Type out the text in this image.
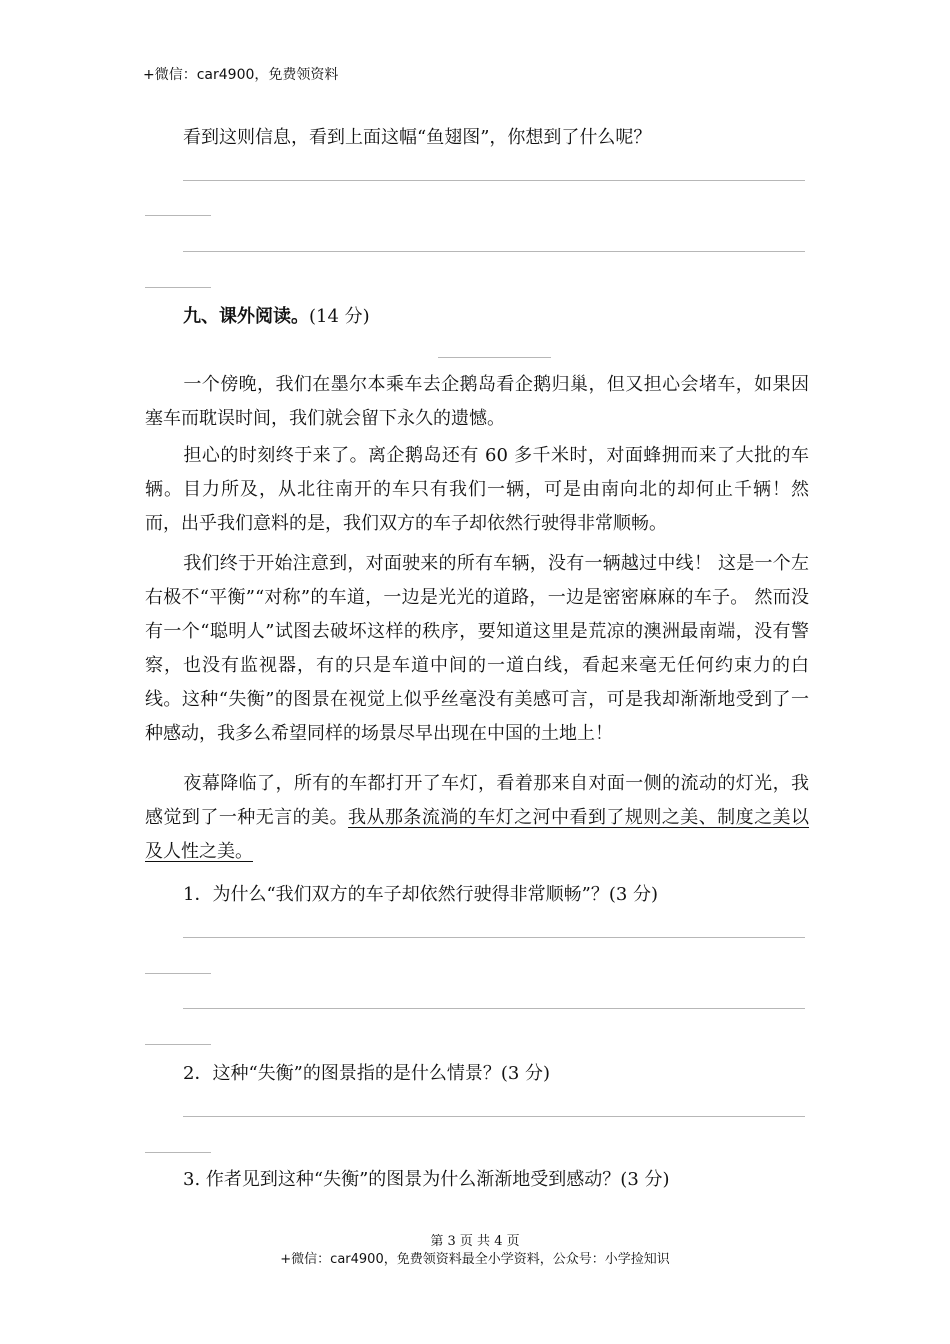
+微信：car4900，免费领资料
看到这则信息，看到上面这幅“鱼翅图”，你想到了什么呢？
九、课外阅读。(14 分)
一个傍晚，我们在墨尔本乘车去企鹅岛看企鹅归巢，但又担心会堵车，如果因塞车而耽误时间，我们就会留下永久的遗憾。
担心的时刻终于来了。离企鹅岛还有 60 多千米时，对面蜂拥而来了大批的车辆。目力所及，从北往南开的车只有我们一辆，可是由南向北的却何止千辆！然而，出乎我们意料的是，我们双方的车子却依然行驶得非常顺畅。
我们终于开始注意到，对面驶来的所有车辆，没有一辆越过中线！ 这是一个左右极不“平衡”“对称”的车道，一边是光光的道路，一边是密密麻麻的车子。 然而没有一个“聪明人”试图去破坏这样的秩序，要知道这里是荒凉的澳洲最南端，没有警察，也没有监视器，有的只是车道中间的一道白线，看起来毫无任何约束力的白线。这种“失衡”的图景在视觉上似乎丝毫没有美感可言，可是我却渐渐地受到了一种感动，我多么希望同样的场景尽早出现在中国的土地上！
夜幕降临了，所有的车都打开了车灯，看着那来自对面一侧的流动的灯光，我感觉到了一种无言的美。我从那条流淌的车灯之河中看到了规则之美、制度之美以及人性之美。
1．为什么“我们双方的车子却依然行驶得非常顺畅”？(3 分)
2．这种“失衡”的图景指的是什么情景？(3 分)
3. 作者见到这种“失衡”的图景为什么渐渐地受到感动？(3 分)
第 3 页 共 4 页
+微信：car4900，免费领资料最全小学资料，公众号：小学捡知识
